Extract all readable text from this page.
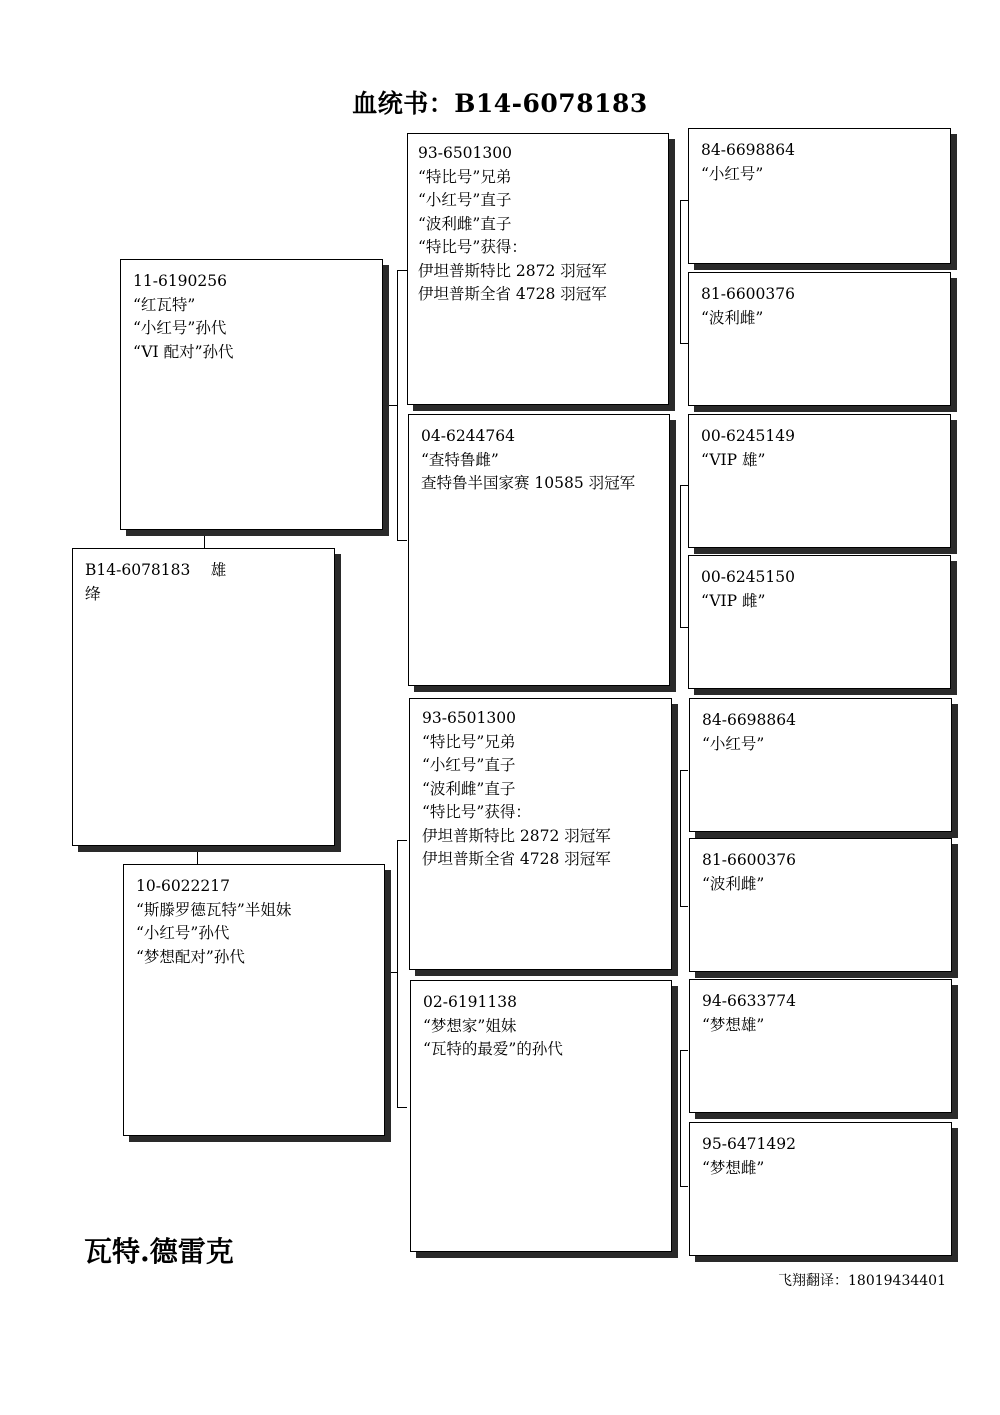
血统书：B14-6078183
B14-6078183　 雄
绛
11-6190256
“红瓦特”
“小红号”孙代
“VI 配对”孙代
10-6022217
“斯滕罗德瓦特”半姐妹
“小红号”孙代
“梦想配对”孙代
93-6501300
“特比号”兄弟
“小红号”直子
“波利雌”直子
“特比号”获得：
伊坦普斯特比 2872 羽冠军
伊坦普斯全省 4728 羽冠军
04-6244764
“查特鲁雌”
查特鲁半国家赛 10585 羽冠军
93-6501300
“特比号”兄弟
“小红号”直子
“波利雌”直子
“特比号”获得：
伊坦普斯特比 2872 羽冠军
伊坦普斯全省 4728 羽冠军
02-6191138
“梦想家”姐妹
“瓦特的最爱”的孙代
84-6698864
“小红号”
81-6600376
“波利雌”
00-6245149
“VIP 雄”
00-6245150
“VIP 雌”
84-6698864
“小红号”
81-6600376
“波利雌”
94-6633774
“梦想雄”
95-6471492
“梦想雌”
瓦特.德雷克
飞翔翻译：18019434401
